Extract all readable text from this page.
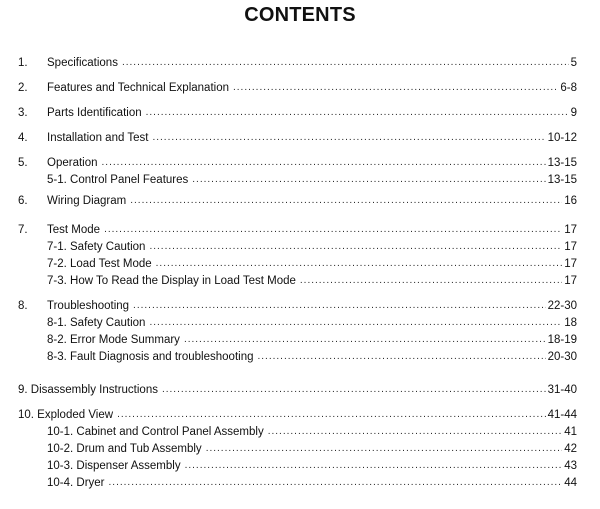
CONTENTS
1. Specifications .....	5
2. Features and Technical Explanation .....	6-8
3. Parts Identification .....	9
4. Installation and Test .....	10-12
5. Operation .....	13-15
5-1. Control Panel Features .....	13-15
6. Wiring Diagram .....	16
7. Test Mode .....	17
7-1. Safety Caution .....	17
7-2. Load Test Mode .....	17
7-3. How To Read the Display in Load Test Mode .....	17
8. Troubleshooting .....	22-30
8-1. Safety Caution .....	18
8-2. Error Mode Summary .....	18-19
8-3. Fault Diagnosis and troubleshooting .....	20-30
9. Disassembly Instructions .....	31-40
10. Exploded View .....	41-44
10-1. Cabinet and Control Panel Assembly .....	41
10-2. Drum and Tub Assembly .....	42
10-3. Dispenser Assembly .....	43
10-4. Dryer .....	44
